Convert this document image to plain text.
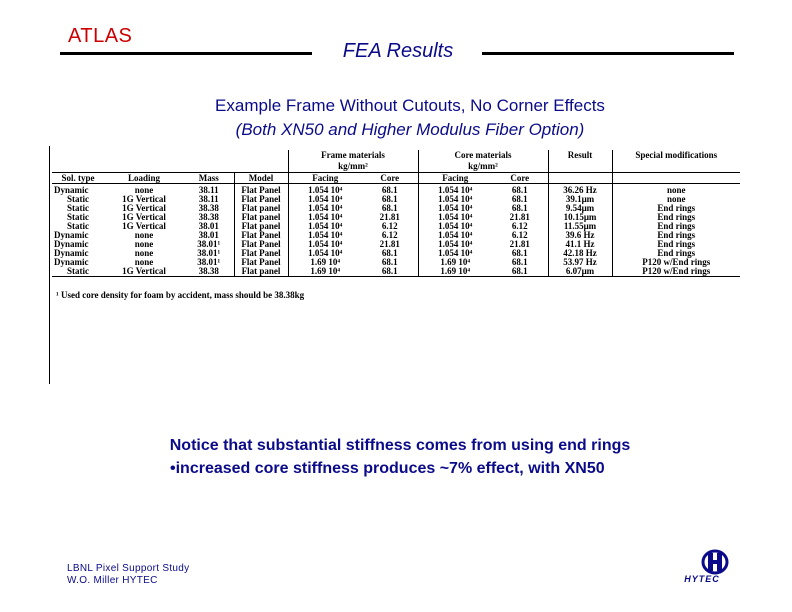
ATLAS
FEA Results
Example Frame Without Cutouts, No Corner Effects
(Both XN50 and Higher Modulus Fiber Option)
				Frame materials		Core materials		Result	Special modifications
				kg/mm²		kg/mm²			
Sol. type	Loading	Mass	Model	Facing	Core	Facing	Core		
Dynamic	none	38.11	Flat Panel	1.054 10⁴	68.1	1.054 10⁴	68.1	36.26 Hz	none
Static	1G Vertical	38.11	Flat Panel	1.054 10⁴	68.1	1.054 10⁴	68.1	39.1μm	none
Static	1G Vertical	38.38	Flat panel	1.054 10⁴	68.1	1.054 10⁴	68.1	9.54μm	End rings
Static	1G Vertical	38.38	Flat panel	1.054 10⁴	21.81	1.054 10⁴	21.81	10.15μm	End rings
Static	1G Vertical	38.01	Flat panel	1.054 10⁴	6.12	1.054 10⁴	6.12	11.55μm	End rings
Dynamic	none	38.01	Flat Panel	1.054 10⁴	6.12	1.054 10⁴	6.12	39.6 Hz	End rings
Dynamic	none	38.01¹	Flat Panel	1.054 10⁴	21.81	1.054 10⁴	21.81	41.1 Hz	End rings
Dynamic	none	38.01¹	Flat Panel	1.054 10⁴	68.1	1.054 10⁴	68.1	42.18 Hz	End rings
Dynamic	none	38.01¹	Flat Panel	1.69 10⁴	68.1	1.69 10⁴	68.1	53.97 Hz	P120 w/End rings
Static	1G Vertical	38.38	Flat panel	1.69 10⁴	68.1	1.69 10⁴	68.1	6.07μm	P120 w/End rings
¹ Used core density for foam by accident, mass should be 38.38kg
Notice that substantial stiffness comes from using end rings
•increased core stiffness produces ~7% effect, with XN50
LBNL Pixel Support Study
W.O. Miller HYTEC	HYTEC
